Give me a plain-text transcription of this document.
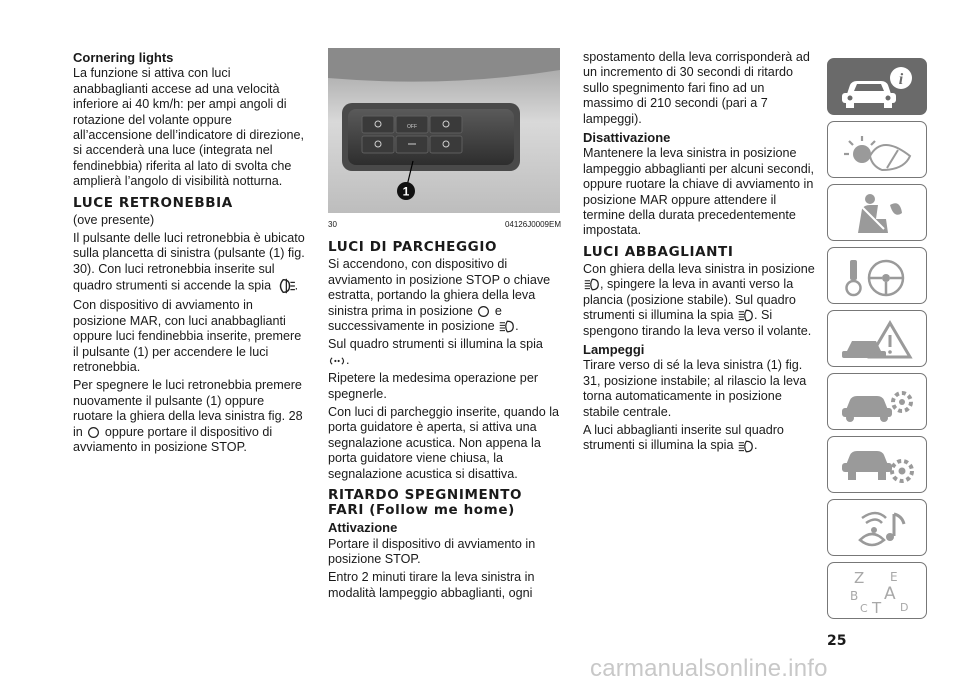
Cornering lights

La funzione si attiva con luci anabbaglianti accese ad una velocità inferiore ai 40 km/h: per ampi angoli di rotazione del volante oppure all’accensione dell’indicatore di direzione, si accenderà una luce (integrata nel fendinebbia) riferita al lato di svolta che amplierà l’angolo di visibilità notturna.

LUCE RETRONEBBIA

(ove presente)

Il pulsante delle luci retronebbia è ubicato sulla plancetta di sinistra (pulsante (1) fig. 30). Con luci retronebbia inserite sul quadro strumenti si accende la spia .

Con dispositivo di avviamento in posizione MAR, con luci anabbaglianti oppure luci fendinebbia inserite, premere il pulsante (1) per accendere le luci retronebbia.

Per spegnere le luci retronebbia premere nuovamente il pulsante (1) oppure ruotare la ghiera della leva sinistra fig. 28 in oppure portare il dispositivo di avviamento in posizione STOP.

OFF
1
30	04126J0009EM
LUCI DI PARCHEGGIO

Si accendono, con dispositivo di avviamento in posizione STOP o chiave estratta, portando la ghiera della leva sinistra prima in posizione e successivamente in posizione .

Sul quadro strumenti si illumina la spia .

Ripetere la medesima operazione per spegnerle.

Con luci di parcheggio inserite, quando la porta guidatore è aperta, si attiva una segnalazione acustica. Non appena la porta guidatore viene chiusa, la segnalazione acustica si disattiva.

RITARDO SPEGNIMENTO FARI (Follow me home)
Attivazione

Portare il dispositivo di avviamento in posizione STOP.

Entro 2 minuti tirare la leva sinistra in modalità lampeggio abbaglianti, ogni

spostamento della leva corrisponderà ad un incremento di 30 secondi di ritardo sullo spegnimento fari fino ad un massimo di 210 secondi (pari a 7 lampeggi).

Disattivazione

Mantenere la leva sinistra in posizione lampeggio abbaglianti per alcuni secondi, oppure ruotare la chiave di avviamento in posizione MAR oppure attendere il termine della durata precedentemente impostata.

LUCI ABBAGLIANTI

Con ghiera della leva sinistra in posizione , spingere la leva in avanti verso la plancia (posizione stabile). Sul quadro strumenti si illumina la spia . Si spengono tirando la leva verso il volante.

Lampeggi

Tirare verso di sé la leva sinistra (1) fig. 31, posizione instabile; al rilascio la leva torna automaticamente in posizione stabile centrale.

A luci abbaglianti inserite sul quadro strumenti si illumina la spia .

i
Z E
B A
C T D
25
carmanualsonline.info
